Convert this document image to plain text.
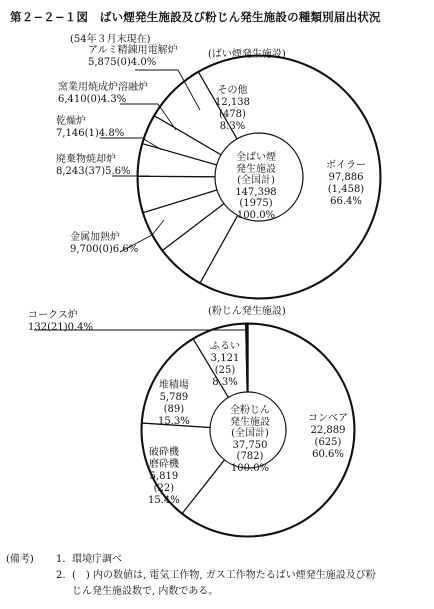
第２−２−１図　ばい煙発生施設及び粉じん発生施設の種類別届出状況
(54年３月末現在)
(ばい煙発生施設)
全ばい煙
発生施設
(全国計)
147,398
(1975)
100.0%
ボイラー
97,886
(1,458)
66.4%
金属加熱炉
9,700(0)6.6%
廃棄物焼却炉
8,243(37)5.6%
乾燥炉
7,146(1)4.8%
窯業用焼成炉溶融炉
6,410(0)4.3%
アルミ精錬用電解炉
5,875(0)4.0%
その他
12,138
(478)
8.3%
(粉じん発生施設)
全粉じん
発生施設
(全国計)
37,750
(782)
100.0%
コンベア
22,889
(625)
60.6%
破砕機
磨砕機
5,819
(22)
15.4%
堆積場
5,789
(89)
15.3%
ふるい
3,121
(25)
8.3%
コークス炉
132(21)0.4%
(備考) 1. 環境庁調べ
2. (　) 内の数値は, 電気工作物, ガス工作物たるばい煙発生施設及び粉
じん発生施設数で, 内数である。
